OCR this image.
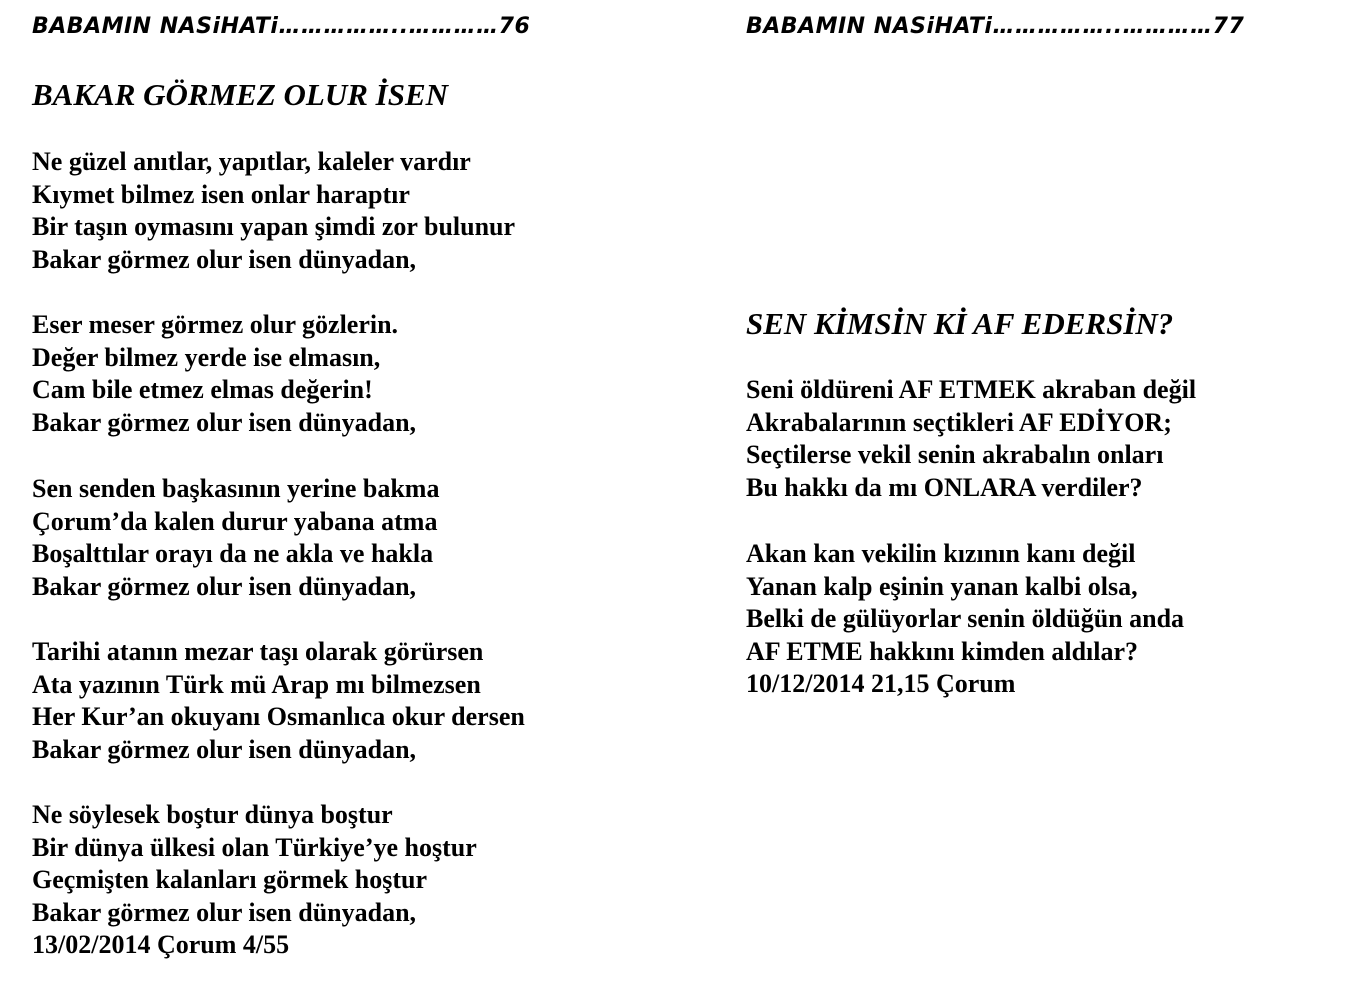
BABAMIN NASiHATi……………..…………76
BAKAR GÖRMEZ OLUR İSEN
Ne güzel anıtlar, yapıtlar, kaleler vardır
Kıymet bilmez isen onlar haraptır
Bir taşın oymasını yapan şimdi zor bulunur
Bakar görmez olur isen dünyadan,
Eser meser görmez olur gözlerin.
Değer bilmez yerde ise elmasın,
Cam bile etmez elmas değerin!
Bakar görmez olur isen dünyadan,
Sen senden başkasının yerine bakma
Çorum’da kalen durur yabana atma
Boşalttılar orayı da ne akla ve hakla
Bakar görmez olur isen dünyadan,
Tarihi atanın mezar taşı olarak görürsen
Ata yazının Türk mü Arap mı bilmezsen
Her Kur’an okuyanı Osmanlıca okur dersen
Bakar görmez olur isen dünyadan,
Ne söylesek boştur dünya boştur
Bir dünya ülkesi olan Türkiye’ye hoştur
Geçmişten kalanları görmek hoştur
Bakar görmez olur isen dünyadan,
13/02/2014 Çorum 4/55
BABAMIN NASiHATi……………..…………77
SEN KİMSİN Kİ AF EDERSİN?
Seni öldüreni AF ETMEK akraban değil
Akrabalarının seçtikleri AF EDİYOR;
Seçtilerse vekil senin akrabalın onları
Bu hakkı da mı ONLARA verdiler?
Akan kan vekilin kızının kanı değil
Yanan kalp eşinin yanan kalbi olsa,
Belki de gülüyorlar senin öldüğün anda
AF ETME hakkını kimden aldılar?
10/12/2014 21,15 Çorum
